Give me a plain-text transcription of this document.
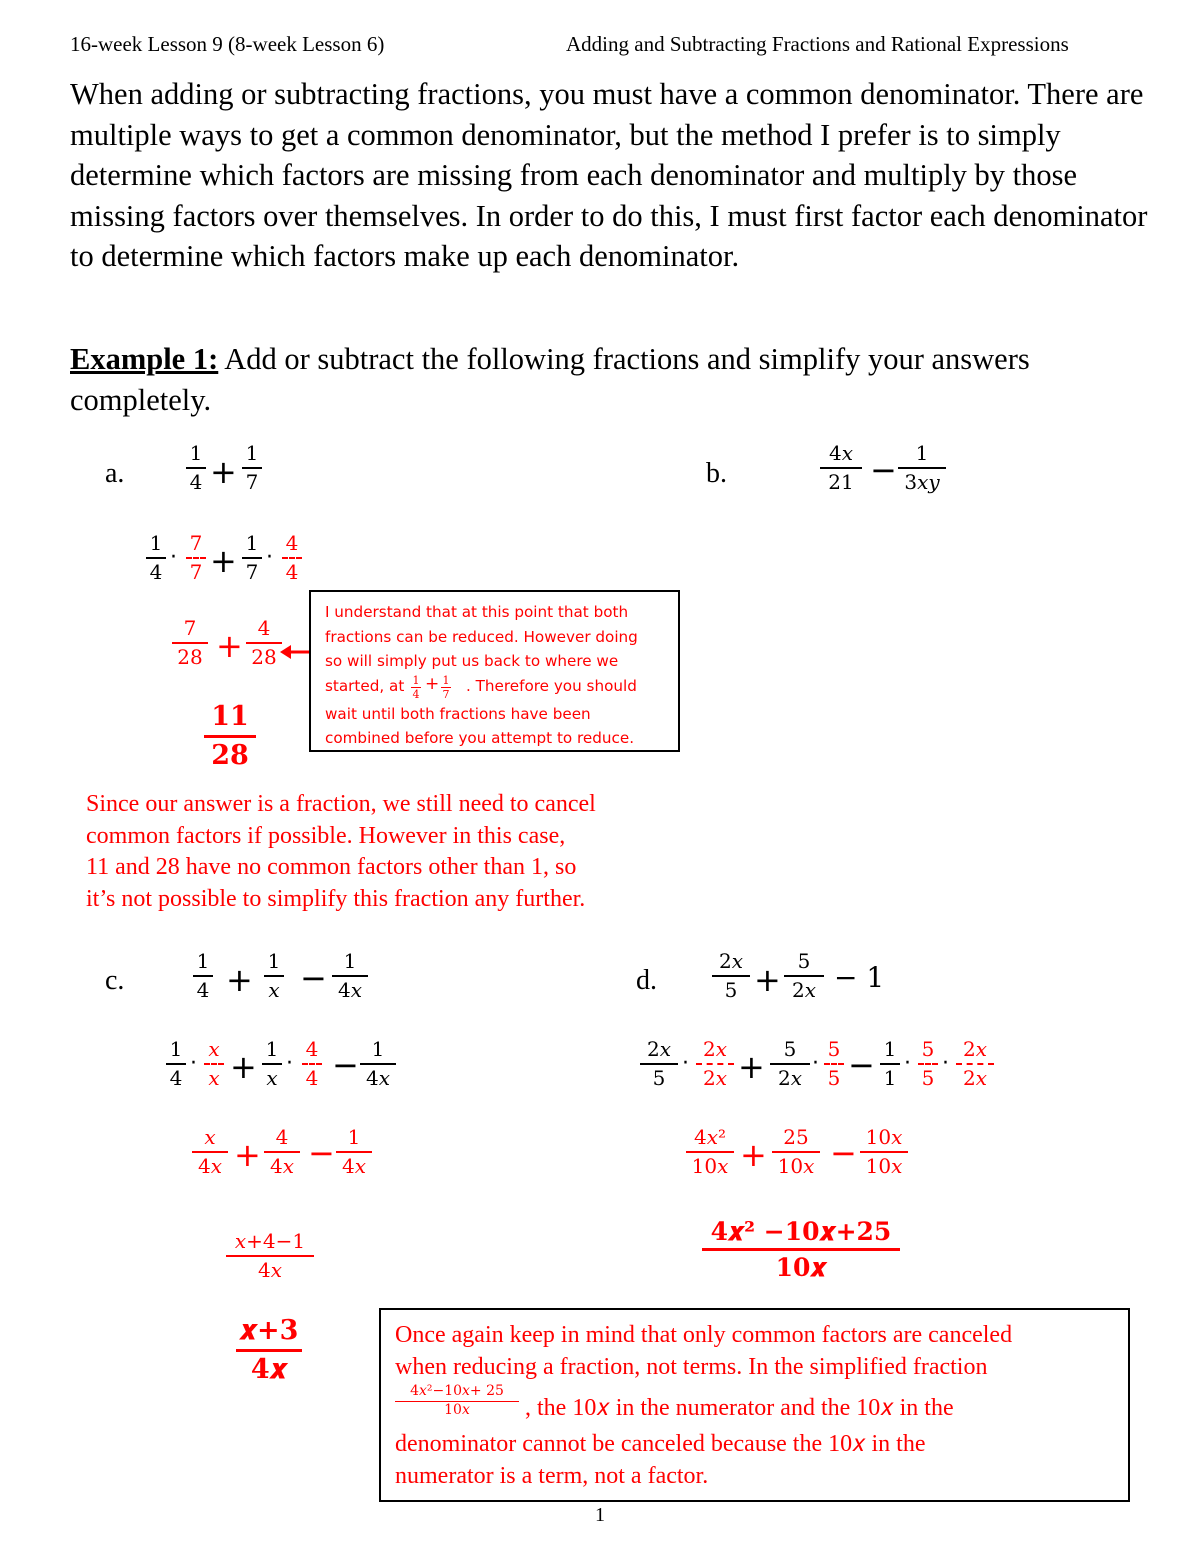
16-week Lesson 9 (8-week Lesson 6)	Adding and Subtracting Fractions and Rational Expressions
When adding or subtracting fractions, you must have a common denominator. There are multiple ways to get a common denominator, but the method I prefer is to simply determine which factors are missing from each denominator and multiply by those missing factors over themselves. In order to do this, I must first factor each denominator to determine which factors make up each denominator.
Example 1: Add or subtract the following fractions and simplify your answers completely.
a.
1
4 + 1
7
1
4
·
7
7 + 1
7
·
4
4
7
28 + 4
28
11
28
I understand that at this point that both
fractions can be reduced. However doing
so will simply put us back to where we
started, at	. Therefore you should
1
4
+ 1
7
wait until both fractions have been
combined before you attempt to reduce.
Since our answer is a fraction, we still need to cancel
common factors if possible. However in this case,
11 and 28 have no common factors other than 1, so
it’s not possible to simplify this fraction any further.
b.
4𝑥
21 − 1
3𝑥𝑦
c.
1
4 + 1
𝑥 − 1
4𝑥
1
4
·
𝑥
𝑥 + 1
𝑥
·
4
4 − 1
4𝑥
𝑥
4𝑥 + 4
4𝑥 − 1
4𝑥
𝑥+4−1
4𝑥
𝒙+𝟑
𝟒𝒙
d.
2𝑥
5 + 5
2𝑥 − 1
2𝑥
5
·
2𝑥
2𝑥 + 5
2𝑥
·
5
5 − 1
1
·
5
5
·
2𝑥
2𝑥
4𝑥²
10𝑥 + 25
10𝑥 − 10𝑥
10𝑥
𝟒𝒙² −𝟏𝟎𝒙+𝟐𝟓
𝟏𝟎𝒙
Once again keep in mind that only common factors are canceled
when reducing a fraction, not terms. In the simplified fraction
4𝑥²−10𝑥+ 25
10𝑥	, the 10𝑥 in the numerator and the 10𝑥 in the
denominator cannot be canceled because the 10𝑥 in the
numerator is a term, not a factor.
1
